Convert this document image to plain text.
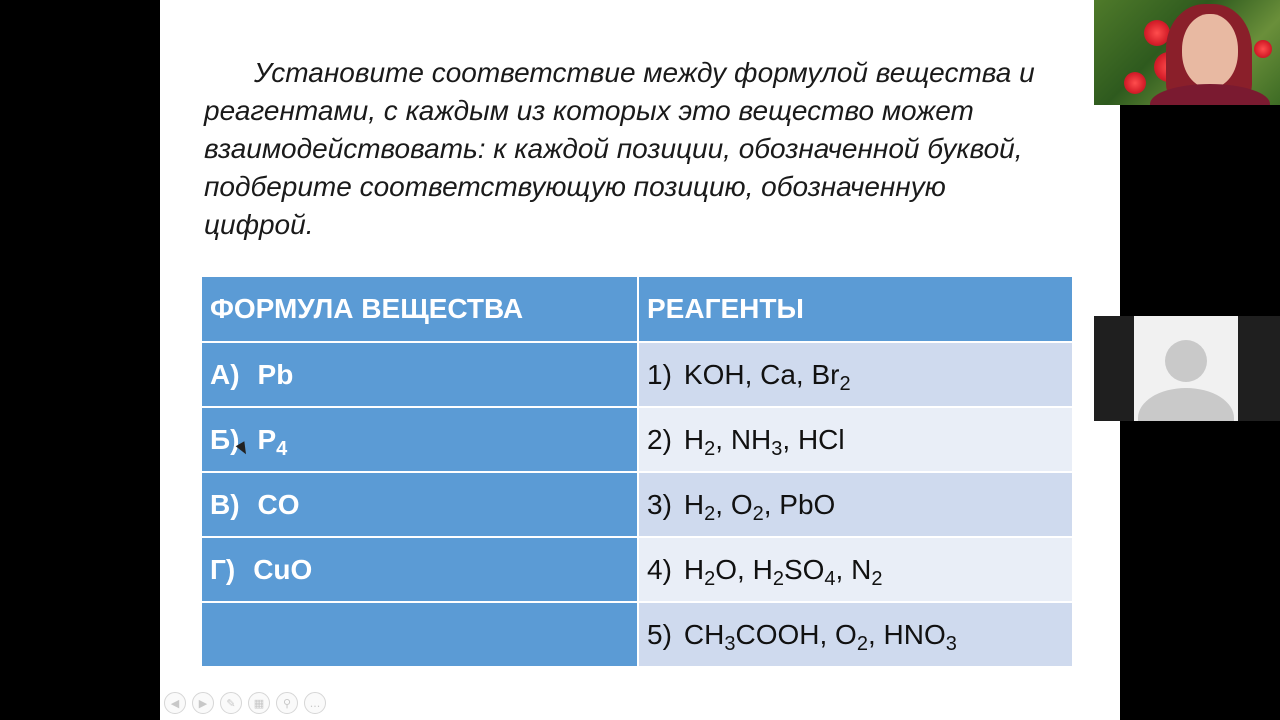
Установите соответствие между формулой вещества и реагентами, с каждым из которых это вещество может взаимодействовать: к каждой позиции, обозначенной буквой, подберите соответствующую позицию, обозначенную цифрой.

ФОРМУЛА ВЕЩЕСТВА	РЕАГЕНТЫ
А) Pb	1) KOH, Ca, $Br_2$
Б) $P_4$	2) $H_2$, $NH_3$, HCl
В) CO	3) $H_2$, $O_2$, PbO
Г) CuO	4) $H_2O$, $H_2SO_4$, $N_2$
	5) $CH_3COOH$, $O_2$, $HNO_3$
◀	▶	✎	▦	⚲	...
